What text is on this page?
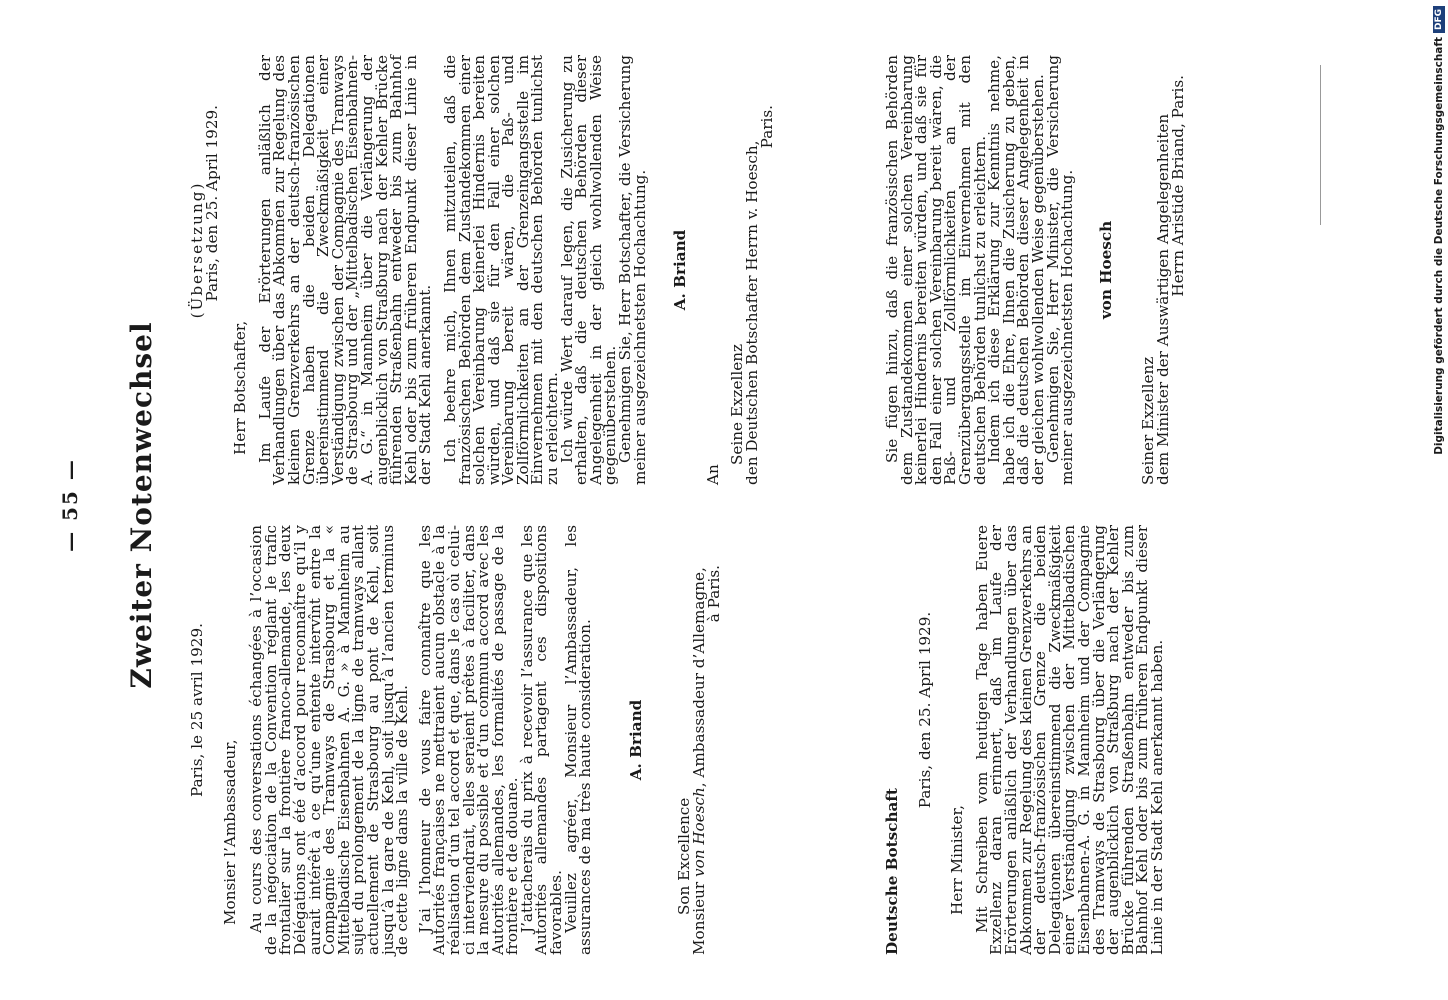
— 55 — Zweiter Notenwechsel
Paris, le 25 avril 1929.

Monsier l’Ambassadeur, Au cours des conversations échangées à l’occasion de la négociation de la Convention réglant le trafic frontalier sur la frontière franco-allemande, les deux Délégations ont été d’accord pour reconnaître qu’il y aurait intérêt à ce qu’une entente intervînt entre la Compagnie des Tramways de Strasbourg et la « Mittelbadische Eisenbahnen A. G. » à Mannheim au sujet du prolongement de la ligne de tramways allant actuellement de Strasbourg au pont de Kehl, soit jusqu’à la gare de Kehl, soit jusqu’à l’ancien terminus de cette ligne dans la ville de Kehl. J’ai l’honneur de vous faire connaître que les Autorités françaises ne mettraient aucun obstacle à la réalisation d’un tel accord et que, dans le cas où celui-ci interviendrait, elles seraient prêtes à faciliter, dans la mesure du possible et d’un commun accord avec les Autorités allemandes, les formalités de passage de la frontière et de douane.

J’attacherais du prix à recevoir l’assurance que les Autorités allemandes partagent ces dispositions favorables.

Veuillez agréer, Monsieur l’Ambassadeur, les assurances de ma très haute consideration. A. Briand
Son Excellence
Monsieur von Hoesch, Ambassadeur d’Allemagne,
à Paris.
(Übersetzung)
Paris, den 25. April 1929.

Herr Botschafter, Im Laufe der Erörterungen anläßlich der Verhandlungen über das Abkommen zur Regelung des kleinen Grenzverkehrs an der deutsch-französischen Grenze haben die beiden Delegationen übereinstimmend die Zweckmäßigkeit einer Verständigung zwischen der Compagnie des Tramways de Strasbourg und der „Mittelbadischen Eisenbahnen-A. G.“ in Mannheim über die Verlängerung der augenblicklich von Straßburg nach der Kehler Brücke führenden Straßenbahn entweder bis zum Bahnhof Kehl oder bis zum früheren Endpunkt dieser Linie in der Stadt Kehl anerkannt. Ich beehre mich, Ihnen mitzuteilen, daß die französischen Behörden dem Zustandekommen einer solchen Vereinbarung keinerlei Hindernis bereiten würden, und daß sie für den Fall einer solchen Vereinbarung bereit wären, die Paß- und Zollförmlichkeiten an der Grenzeingangsstelle im Einvernehmen mit den deutschen Behörden tunlichst zu erleichtern.

Ich würde Wert darauf legen, die Zusicherung zu erhalten, daß die deutschen Behörden dieser Angelegenheit in der gleich wohlwollenden Weise gegenüberstehen.

Genehmigen Sie, Herr Botschafter, die Versicherung meiner ausgezeichnetsten Hochachtung. A. Briand
An
Seine Exzellenz
den Deutschen Botschafter Herrn v. Hoesch,
Paris.
Deutsche Botschaft
Paris, den 25. April 1929.

Herr Minister, Mit Schreiben vom heutigen Tage haben Euere Exzellenz daran erinnert, daß im Laufe der Erörterungen anläßlich der Verhandlungen über das Abkommen zur Regelung des kleinen Grenzverkehrs an der deutsch-französischen Grenze die beiden Delegationen übereinstimmend die Zweckmäßigkeit einer Verständigung zwischen der Mittelbadischen Eisenbahnen-A. G. in Mannheim und der Compagnie des Tramways de Strasbourg über die Verlängerung der augenblicklich von Straßburg nach der Kehler Brücke führenden Straßenbahn entweder bis zum Bahnhof Kehl oder bis zum früheren Endpunkt dieser Linie in der Stadt Kehl anerkannt haben.

Sie fügen hinzu, daß die französischen Behörden dem Zustandekommen einer solchen Vereinbarung keinerlei Hindernis bereiten würden, und daß sie für den Fall einer solchen Vereinbarung bereit wären, die Paß- und Zollförmlichkeiten an der Grenzübergangsstelle im Einvernehmen mit den deutschen Behörden tunlichst zu erleichtern.

Indem ich diese Erklärung zur Kenntnis nehme, habe ich die Ehre, Ihnen die Zusicherung zu geben, daß die deutschen Behörden dieser Angelegenheit in der gleichen wohlwollenden Weise gegenüberstehen.

Genehmigen Sie, Herr Minister, die Versicherung meiner ausgezeichnetsten Hochachtung. von Hoesch
Seiner Exzellenz
dem Minister der Auswärtigen Angelegenheiten
Herrn Aristide Briand, Paris.	Digitalisierung gefördert durch die Deutsche Forschungsgemeinschaft
DFG
